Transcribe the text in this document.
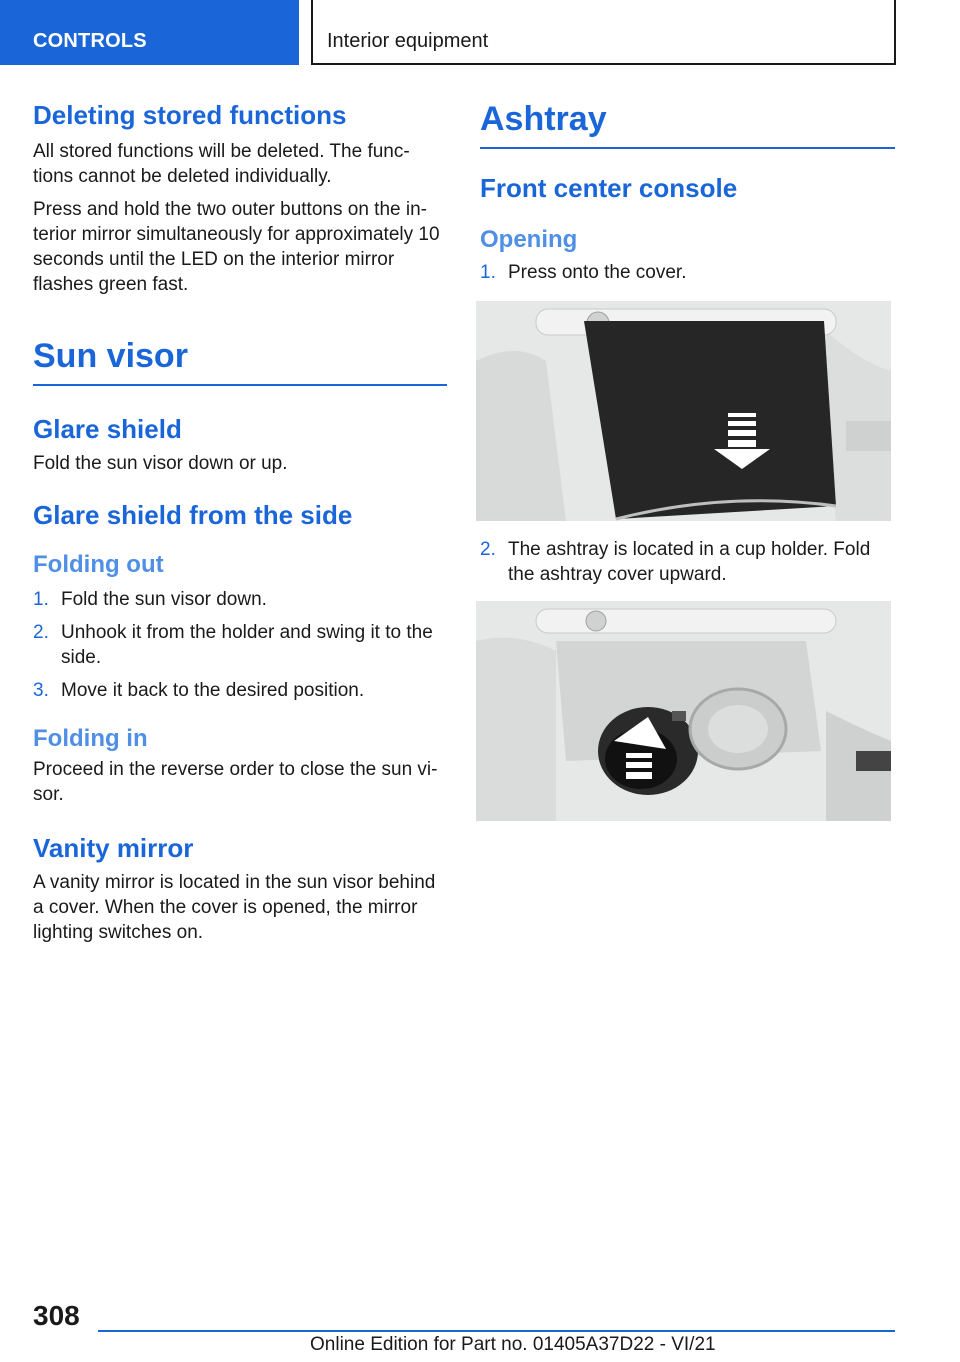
CONTROLS	Interior equipment
Deleting stored functions

All stored functions will be deleted. The func-tions cannot be deleted individually.

Press and hold the two outer buttons on the in-terior mirror simultaneously for approximately 10 seconds until the LED on the interior mirror flashes green fast.

Sun visor
Glare shield

Fold the sun visor down or up.

Glare shield from the side
Folding out
1. Fold the sun visor down.
2. Unhook it from the holder and swing it to the side.
3. Move it back to the desired position.
Folding in

Proceed in the reverse order to close the sun vi-sor.

Vanity mirror

A vanity mirror is located in the sun visor behind a cover. When the cover is opened, the mirror lighting switches on.

Ashtray
Front center console
Opening
1. Press onto the cover.
2. The ashtray is located in a cup holder. Fold the ashtray cover upward.
308
Online Edition for Part no. 01405A37D22 - VI/21
